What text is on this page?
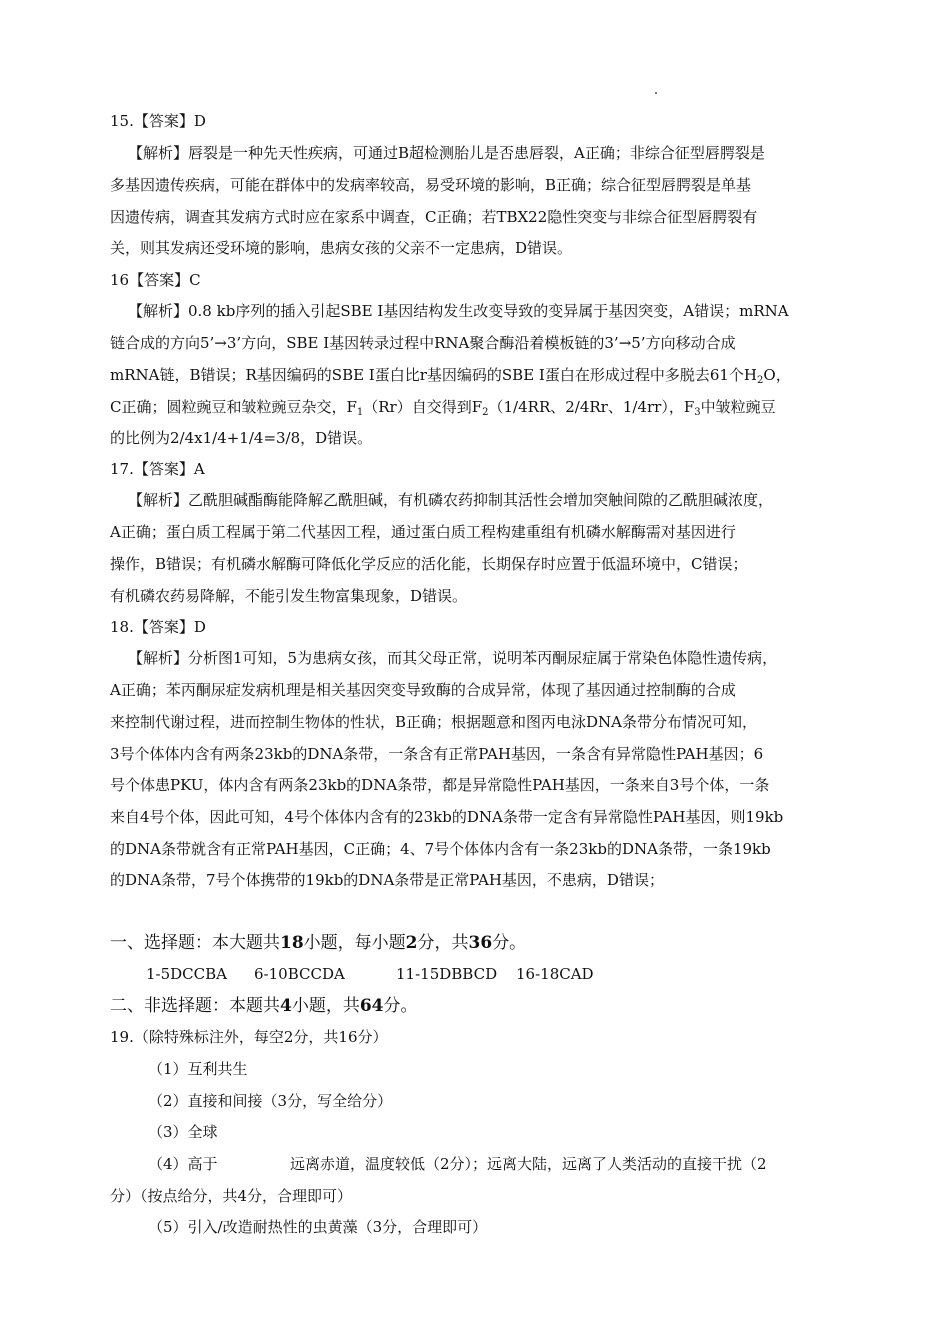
15.【答案】D
【解析】唇裂是一种先天性疾病，可通过B超检测胎儿是否患唇裂，A正确；非综合征型唇腭裂是
多基因遗传疾病，可能在群体中的发病率较高，易受环境的影响，B正确；综合征型唇腭裂是单基
因遗传病，调查其发病方式时应在家系中调查，C正确；若TBX22隐性突变与非综合征型唇腭裂有
关，则其发病还受环境的影响，患病女孩的父亲不一定患病，D错误。
16【答案】C
【解析】0.8 kb序列的插入引起SBE Ⅰ基因结构发生改变导致的变异属于基因突变，A错误；mRNA
链合成的方向5’→3’方向，SBE Ⅰ基因转录过程中RNA聚合酶沿着模板链的3’→5’方向移动合成
mRNA链，B错误；R基因编码的SBE Ⅰ蛋白比r基因编码的SBE Ⅰ蛋白在形成过程中多脱去61个$H_2O$，
C正确；圆粒豌豆和皱粒豌豆杂交，$F_1(Rr)$自交得到$F_2(1/4RR$、2/4Rr、1/4rr），$F_3$中皱粒豌豆
的比例为2/4x1/4+1/4=3/8，D错误。
17.【答案】A
【解析】乙酰胆碱酯酶能降解乙酰胆碱，有机磷农药抑制其活性会增加突触间隙的乙酰胆碱浓度，
A正确；蛋白质工程属于第二代基因工程，通过蛋白质工程构建重组有机磷水解酶需对基因进行
操作，B错误；有机磷水解酶可降低化学反应的活化能，长期保存时应置于低温环境中，C错误；
有机磷农药易降解，不能引发生物富集现象，D错误。
18.【答案】D
【解析】分析图1可知，5为患病女孩，而其父母正常，说明苯丙酮尿症属于常染色体隐性遗传病，
A正确；苯丙酮尿症发病机理是相关基因突变导致酶的合成异常，体现了基因通过控制酶的合成
来控制代谢过程，进而控制生物体的性状，B正确；根据题意和图丙电泳DNA条带分布情况可知，
3号个体体内含有两条23kb的DNA条带，一条含有正常PAH基因，一条含有异常隐性PAH基因；6
号个体患PKU，体内含有两条23kb的DNA条带，都是异常隐性PAH基因，一条来自3号个体，一条
来自4号个体，因此可知，4号个体体内含有的23kb的DNA条带一定含有异常隐性PAH基因，则19kb
的DNA条带就含有正常PAH基因，C正确；4、7号个体体内含有一条23kb的DNA条带，一条19kb
的DNA条带，7号个体携带的19kb的DNA条带是正常PAH基因，不患病，D错误；
一、选择题：本大题共18小题，每小题2分，共36分。
1-5DCCBA 6-10BCCDA	11-15DBBCD 16-18CAD
二、非选择题：本题共4小题，共64分。
19.（除特殊标注外，每空2分，共16分）
（1）互利共生
（2）直接和间接（3分，写全给分）
（3）全球
（4）高于	远离赤道，温度较低（2分）；远离大陆，远离了人类活动的直接干扰（2
分）（按点给分，共4分，合理即可）
（5）引入/改造耐热性的虫黄藻（3分，合理即可）
